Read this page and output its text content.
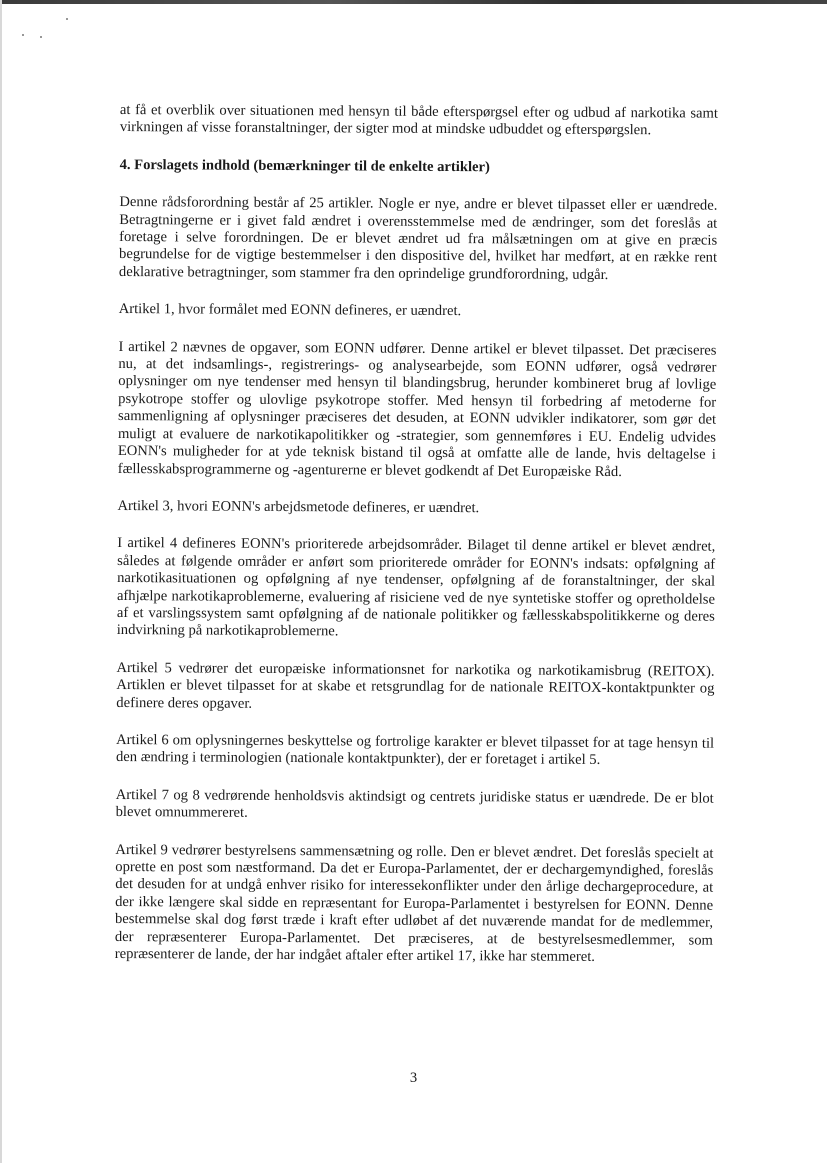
at få et overblik over situationen med hensyn til både efterspørgsel efter og udbud af narkotika samt virkningen af visse foranstaltninger, der sigter mod at mindske udbuddet og efterspørgslen.

4. Forslagets indhold (bemærkninger til de enkelte artikler)

Denne rådsforordning består af 25 artikler. Nogle er nye, andre er blevet tilpasset eller er uændrede. Betragtningerne er i givet fald ændret i overensstemmelse med de ændringer, som det foreslås at foretage i selve forordningen. De er blevet ændret ud fra målsætningen om at give en præcis begrundelse for de vigtige bestemmelser i den dispositive del, hvilket har medført, at en række rent deklarative betragtninger, som stammer fra den oprindelige grundforordning, udgår.

Artikel 1, hvor formålet med EONN defineres, er uændret.

I artikel 2 nævnes de opgaver, som EONN udfører. Denne artikel er blevet tilpasset. Det præciseres nu, at det indsamlings-, registrerings- og analysearbejde, som EONN udfører, også vedrører oplysninger om nye tendenser med hensyn til blandingsbrug, herunder kombineret brug af lovlige psykotrope stoffer og ulovlige psykotrope stoffer. Med hensyn til forbedring af metoderne for sammenligning af oplysninger præciseres det desuden, at EONN udvikler indikatorer, som gør det muligt at evaluere de narkotikapolitikker og -strategier, som gennemføres i EU. Endelig udvides EONN's muligheder for at yde teknisk bistand til også at omfatte alle de lande, hvis deltagelse i fællesskabsprogrammerne og -agenturerne er blevet godkendt af Det Europæiske Råd.

Artikel 3, hvori EONN's arbejdsmetode defineres, er uændret.

I artikel 4 defineres EONN's prioriterede arbejdsområder. Bilaget til denne artikel er blevet ændret, således at følgende områder er anført som prioriterede områder for EONN's indsats: opfølgning af narkotikasituationen og opfølgning af nye tendenser, opfølgning af de foranstaltninger, der skal afhjælpe narkotikaproblemerne, evaluering af risiciene ved de nye syntetiske stoffer og opretholdelse af et varslingssystem samt opfølgning af de nationale politikker og fællesskabspolitikkerne og deres indvirkning på narkotikaproblemerne.

Artikel 5 vedrører det europæiske informationsnet for narkotika og narkotikamisbrug (REITOX). Artiklen er blevet tilpasset for at skabe et retsgrundlag for de nationale REITOX-kontaktpunkter og definere deres opgaver.

Artikel 6 om oplysningernes beskyttelse og fortrolige karakter er blevet tilpasset for at tage hensyn til den ændring i terminologien (nationale kontaktpunkter), der er foretaget i artikel 5.

Artikel 7 og 8 vedrørende henholdsvis aktindsigt og centrets juridiske status er uændrede. De er blot blevet omnummereret.

Artikel 9 vedrører bestyrelsens sammensætning og rolle. Den er blevet ændret. Det foreslås specielt at oprette en post som næstformand. Da det er Europa-Parlamentet, der er dechargemyndighed, foreslås det desuden for at undgå enhver risiko for interessekonflikter under den årlige dechargeprocedure, at der ikke længere skal sidde en repræsentant for Europa-Parlamentet i bestyrelsen for EONN. Denne bestemmelse skal dog først træde i kraft efter udløbet af det nuværende mandat for de medlemmer, der repræsenterer Europa-Parlamentet. Det præciseres, at de bestyrelsesmedlemmer, som repræsenterer de lande, der har indgået aftaler efter artikel 17, ikke har stemmeret.

3
